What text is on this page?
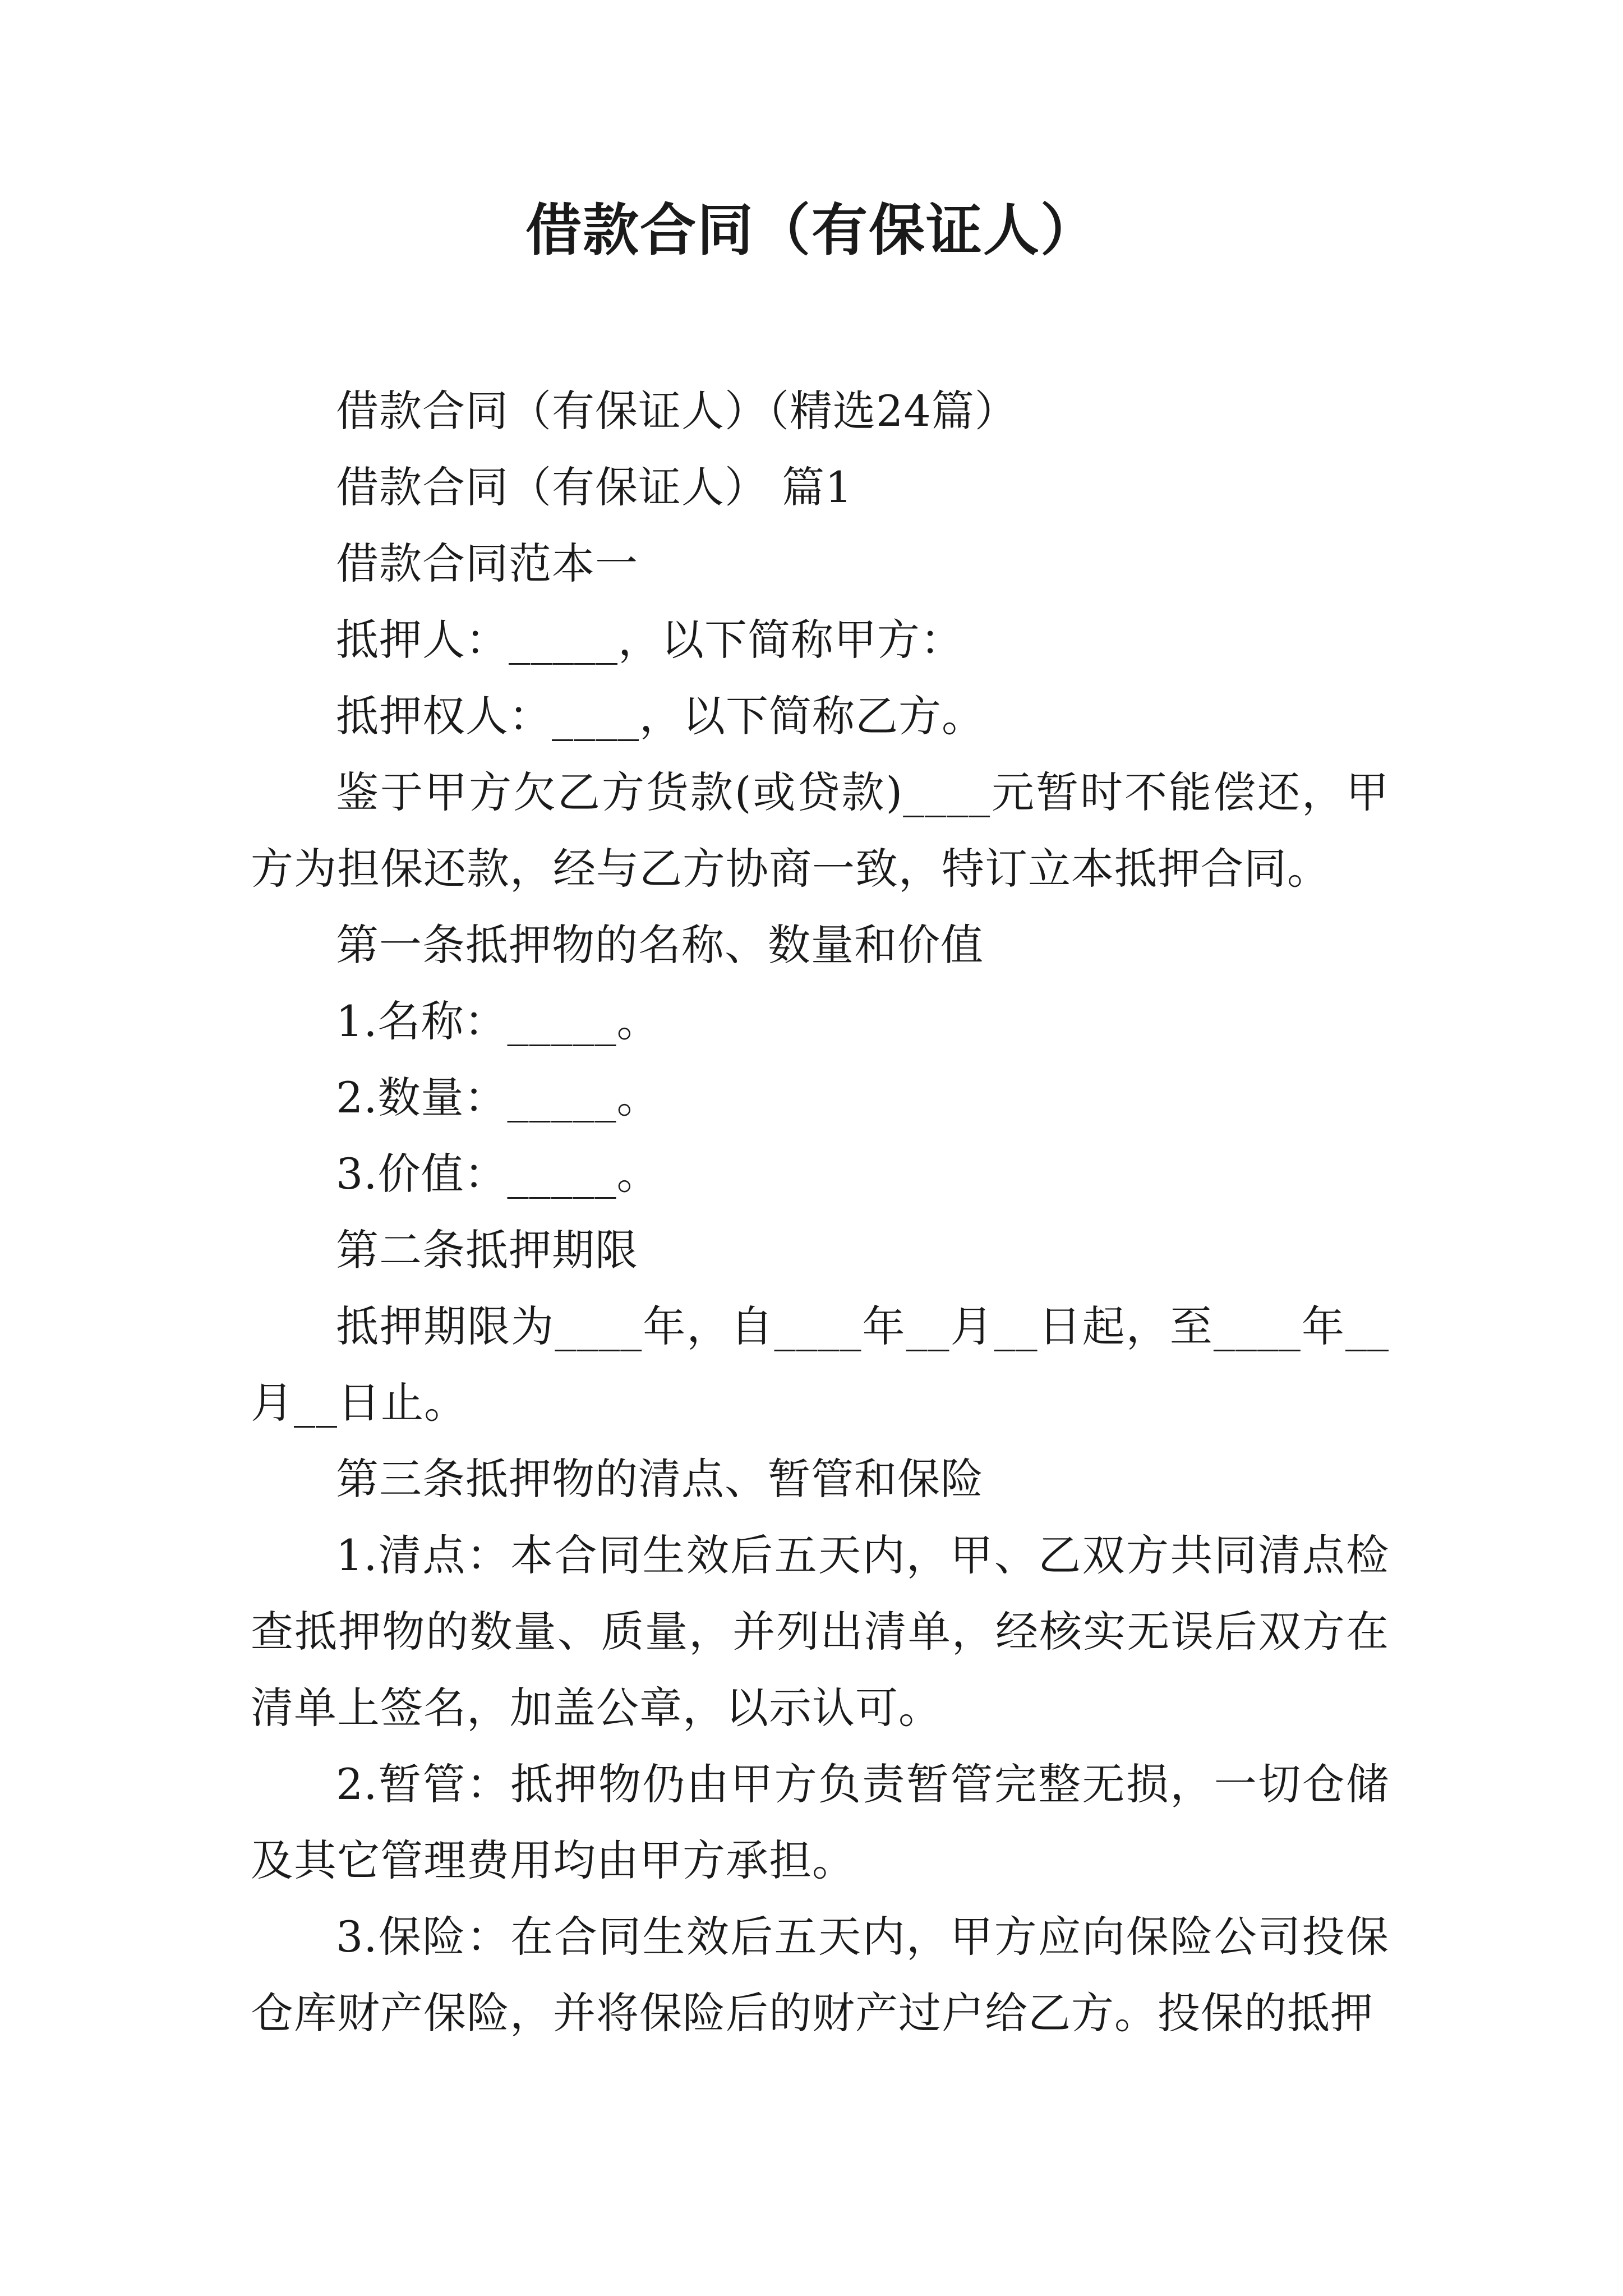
借款合同（有保证人）

借款合同（有保证人）（精选24篇）

借款合同（有保证人） 篇1

借款合同范本一

抵押人：_____，以下简称甲方：

抵押权人：____，以下简称乙方。

鉴于甲方欠乙方货款(或贷款)____元暂时不能偿还，甲方为担保还款，经与乙方协商一致，特订立本抵押合同。

第一条抵押物的名称、数量和价值

1.名称：_____。

2.数量：_____。

3.价值：_____。

第二条抵押期限

抵押期限为____年，自____年__月__日起，至____年__月__日止。

第三条抵押物的清点、暂管和保险

1.清点：本合同生效后五天内，甲、乙双方共同清点检查抵押物的数量、质量，并列出清单，经核实无误后双方在清单上签名，加盖公章，以示认可。

2.暂管：抵押物仍由甲方负责暂管完整无损，一切仓储及其它管理费用均由甲方承担。

3.保险：在合同生效后五天内，甲方应向保险公司投保仓库财产保险，并将保险后的财产过户给乙方。投保的抵押
